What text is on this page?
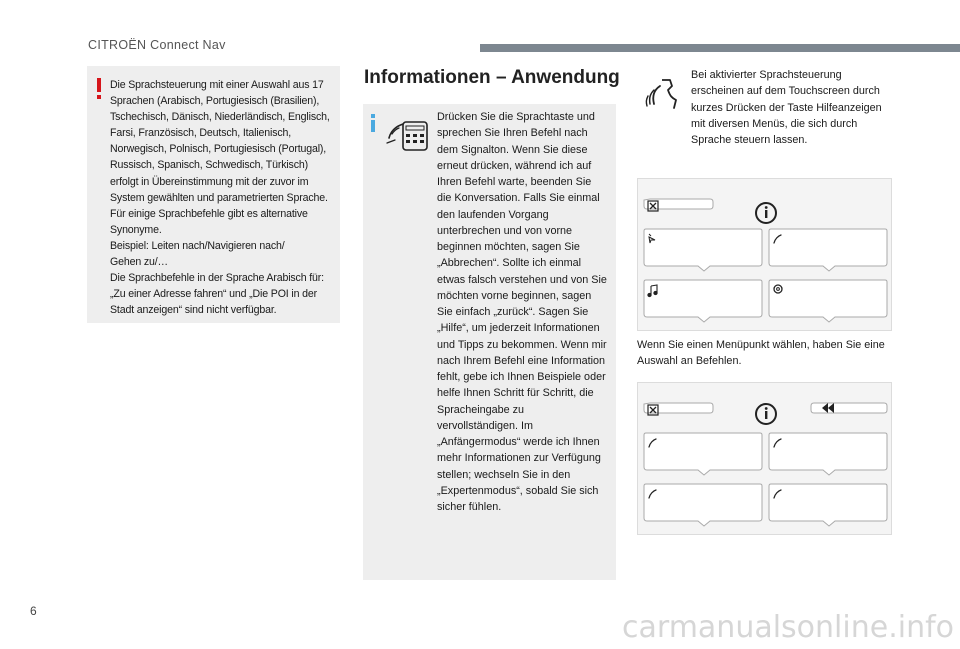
CITROËN Connect Nav
Die Sprachsteuerung mit einer Auswahl aus 17 Sprachen (Arabisch, Portugiesisch (Brasilien), Tschechisch, Dänisch, Niederländisch, Englisch, Farsi, Französisch, Deutsch, Italienisch, Norwegisch, Polnisch, Portugiesisch (Portugal), Russisch, Spanisch, Schwedisch, Türkisch) erfolgt in Übereinstimmung mit der zuvor im System gewählten und parametrierten Sprache.
Für einige Sprachbefehle gibt es alternative Synonyme.
Beispiel: Leiten nach/Navigieren nach/
Gehen zu/…
Die Sprachbefehle in der Sprache Arabisch für: „Zu einer Adresse fahren“ und „Die POI in der Stadt anzeigen“ sind nicht verfügbar.
Informationen – Anwendung
Drücken Sie die Sprachtaste und sprechen Sie Ihren Befehl nach dem Signalton. Wenn Sie diese erneut drücken, während ich auf Ihren Befehl warte, beenden Sie die Konversation. Falls Sie einmal den laufenden Vorgang unterbrechen und von vorne beginnen möchten, sagen Sie „Abbrechen“. Sollte ich einmal etwas falsch verstehen und von Sie möchten vorne beginnen, sagen Sie einfach „zurück“. Sagen Sie „Hilfe“, um jederzeit Informationen und Tipps zu bekommen. Wenn mir nach Ihrem Befehl eine Information fehlt, gebe ich Ihnen Beispiele oder helfe Ihnen Schritt für Schritt, die Spracheingabe zu vervollständigen. Im „Anfängermodus“ werde ich Ihnen mehr Informationen zur Verfügung stellen; wechseln Sie in den „Expertenmodus“, sobald Sie sich sicher fühlen.
Bei aktivierter Sprachsteuerung erscheinen auf dem Touchscreen durch kurzes Drücken der Taste Hilfeanzeigen mit diversen Menüs, die sich durch Sprache steuern lassen.
Wenn Sie einen Menüpunkt wählen, haben Sie eine Auswahl an Befehlen.
6	carmanualsonline.info
